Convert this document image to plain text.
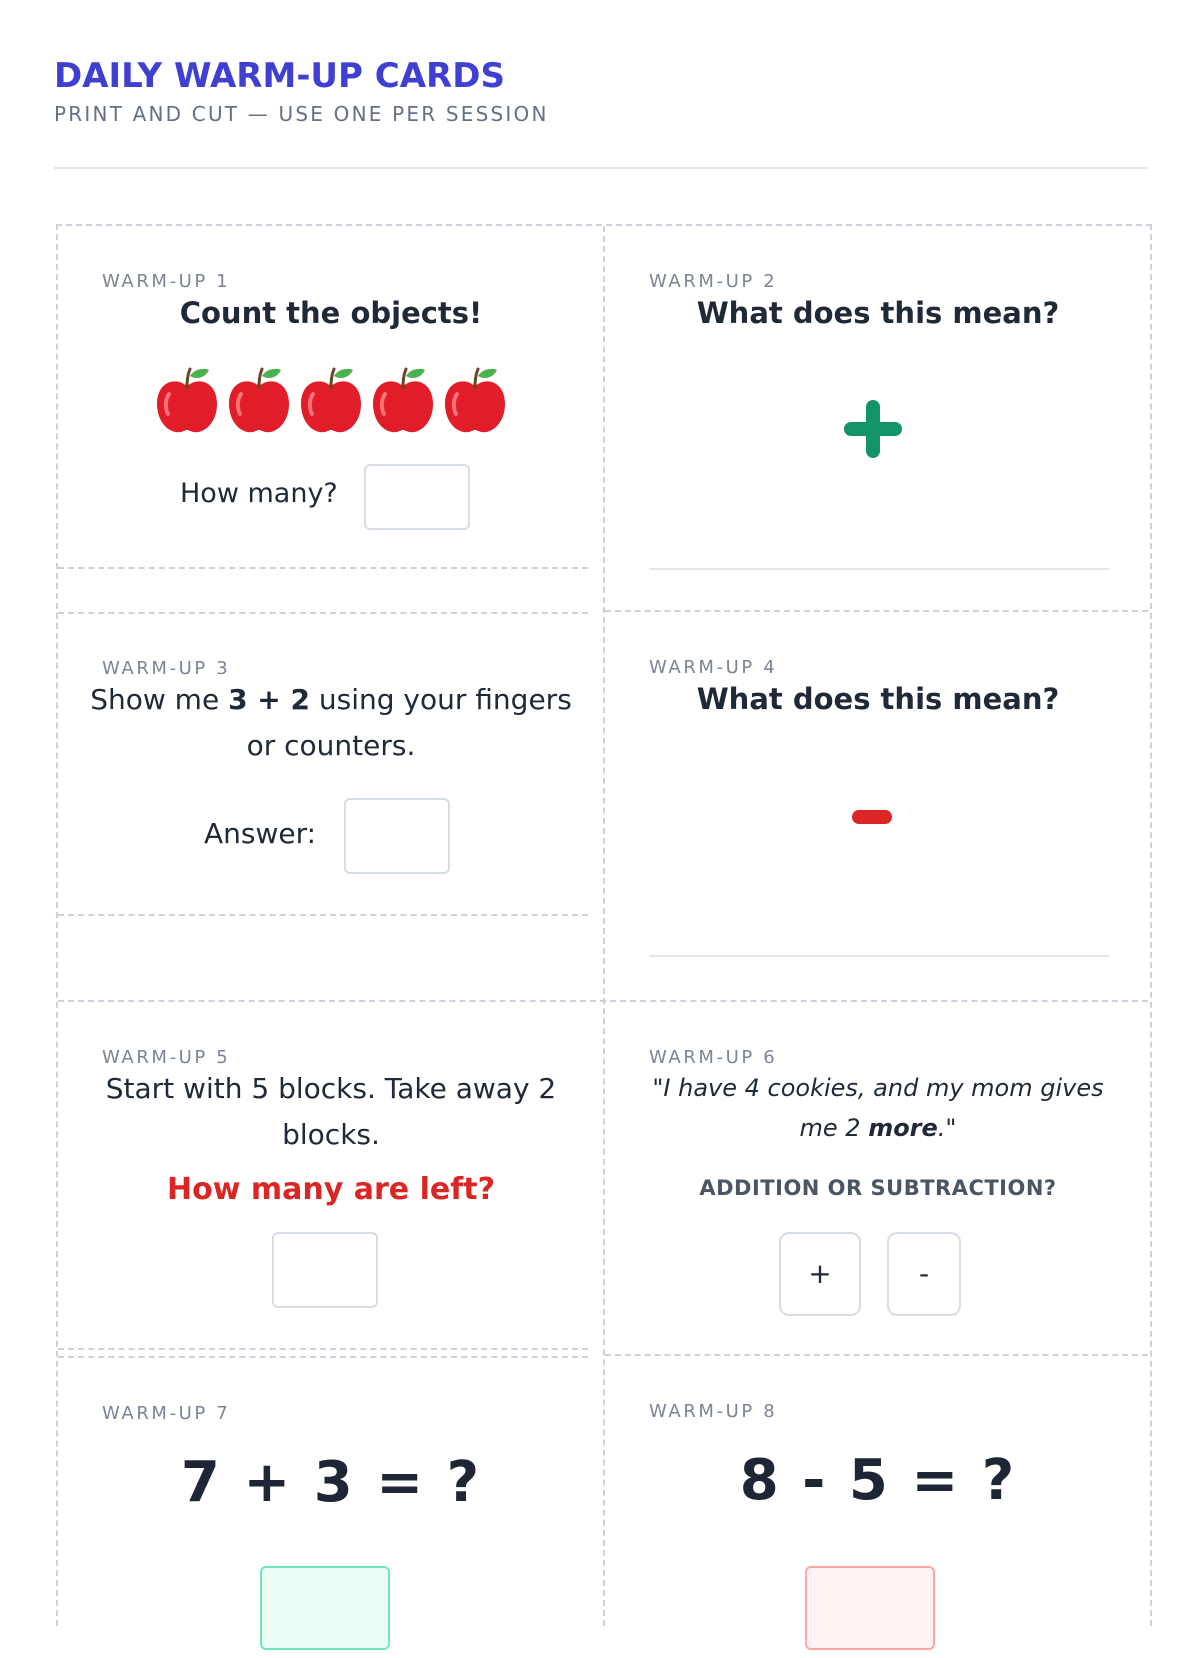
DAILY WARM-UP CARDS
PRINT AND CUT — USE ONE PER SESSION
WARM-UP 1
Count the objects!
How many?
WARM-UP 2
What does this mean?
WARM-UP 3
Show me 3 + 2 using your fingers or counters.
Answer:
WARM-UP 4
What does this mean?
WARM-UP 5
Start with 5 blocks. Take away 2 blocks.
How many are left?
WARM-UP 6
"I have 4 cookies, and my mom gives me 2 more."
ADDITION OR SUBTRACTION?
+	-
WARM-UP 7
7 + 3 = ?
WARM-UP 8
8 - 5 = ?
